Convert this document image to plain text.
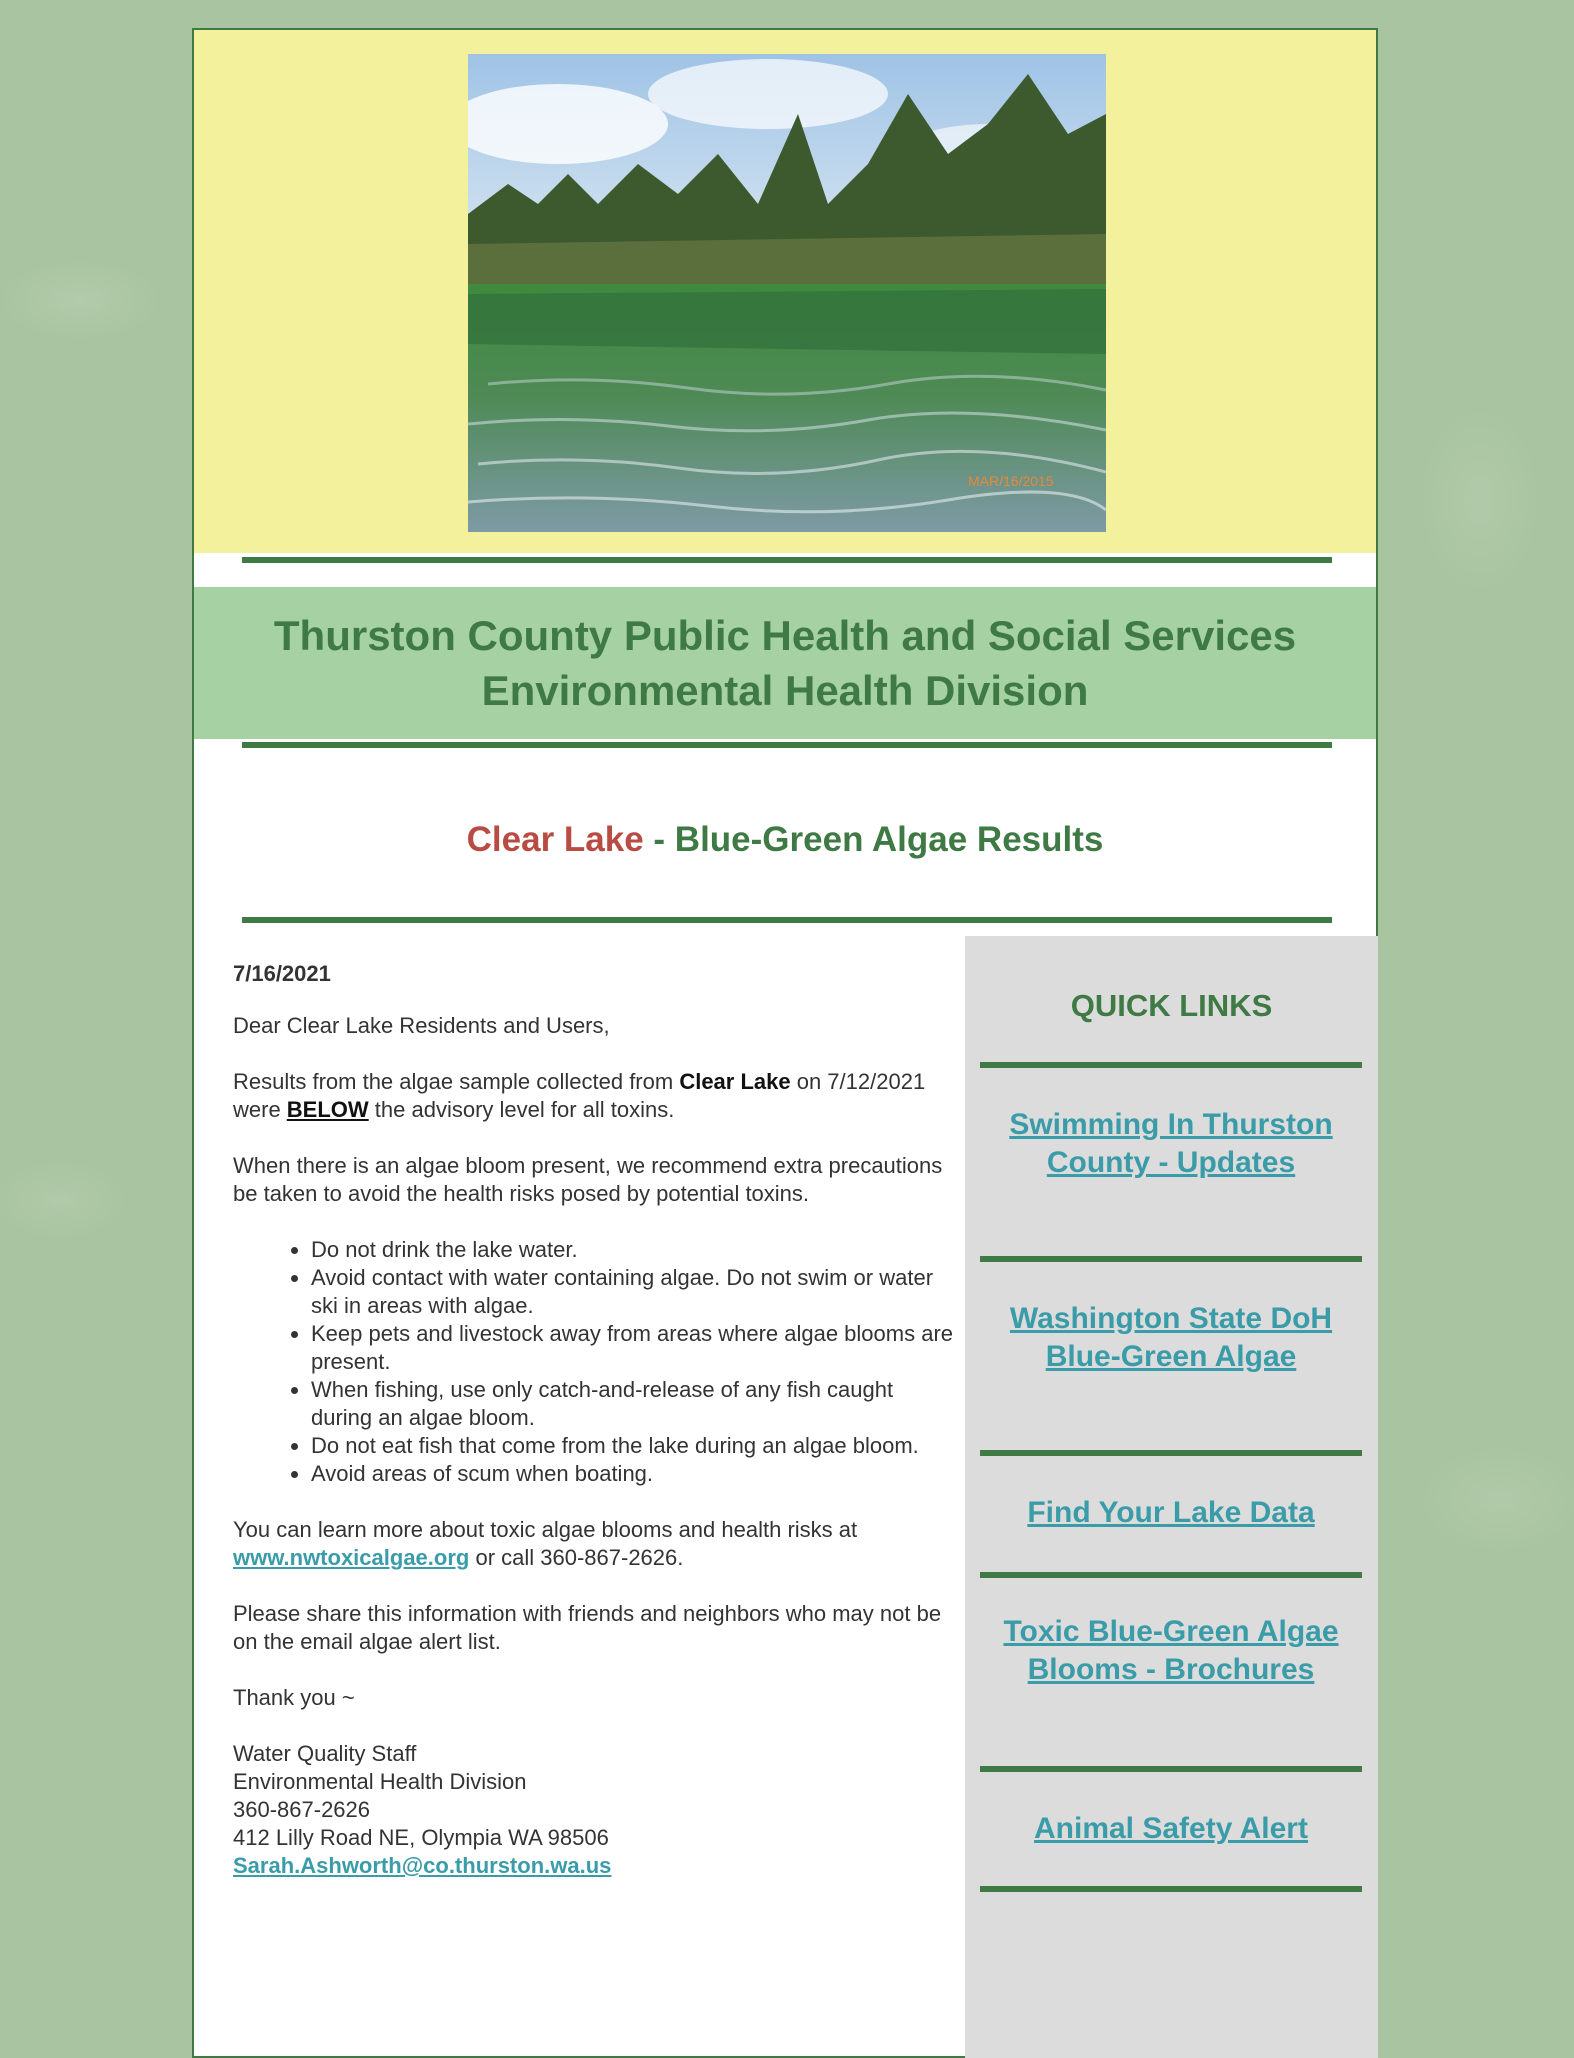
MAR/16/2015
Thurston County Public Health and Social Services
Environmental Health Division
Clear Lake - Blue-Green Algae Results

7/16/2021

Dear Clear Lake Residents and Users,

Results from the algae sample collected from Clear Lake on 7/12/2021 were BELOW the advisory level for all toxins.

When there is an algae bloom present, we recommend extra precautions be taken to avoid the health risks posed by potential toxins.

• Do not drink the lake water.
• Avoid contact with water containing algae. Do not swim or water ski in areas with algae.
• Keep pets and livestock away from areas where algae blooms are present.
• When fishing, use only catch-and-release of any fish caught during an algae bloom.
• Do not eat fish that come from the lake during an algae bloom.
• Avoid areas of scum when boating.

You can learn more about toxic algae blooms and health risks at www.nwtoxicalgae.org or call 360-867-2626.

Please share this information with friends and neighbors who may not be on the email algae alert list.

Thank you ~

Water Quality Staff
Environmental Health Division
360-867-2626
412 Lilly Road NE, Olympia WA 98506
Sarah.Ashworth@co.thurston.wa.us
QUICK LINKS
Swimming In Thurston County - Updates
Washington State DoH Blue-Green Algae
Find Your Lake Data
Toxic Blue-Green Algae Blooms - Brochures
Animal Safety Alert
